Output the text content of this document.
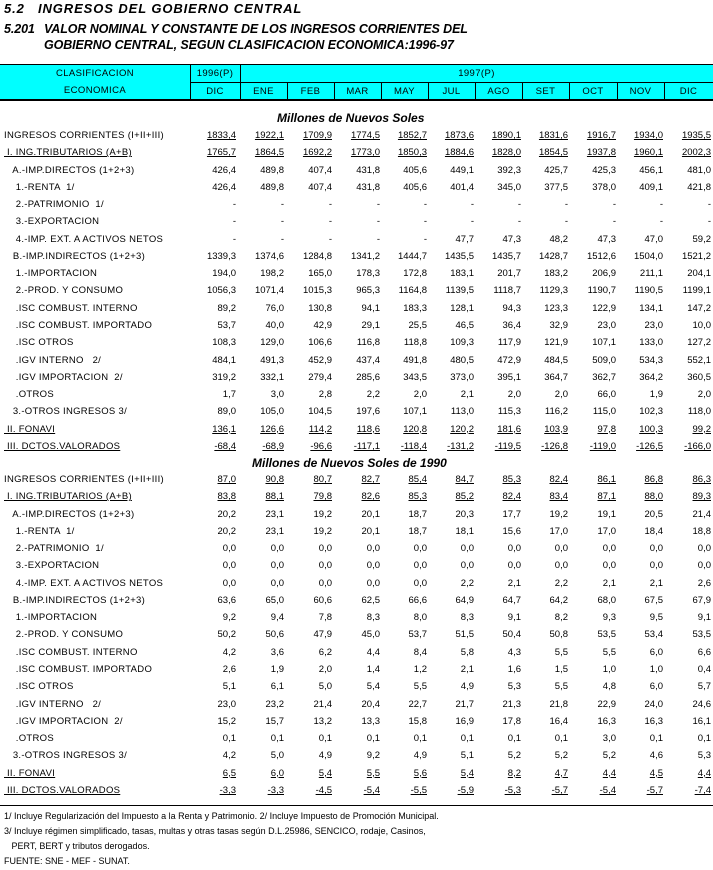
5.2 INGRESOS DEL GOBIERNO CENTRAL
5.201 VALOR NOMINAL Y CONSTANTE DE LOS INGRESOS CORRIENTES DEL
GOBIERNO CENTRAL, SEGUN CLASIFICACION ECONOMICA:1996-97
CLASIFICACION
ECONOMICA
1996(P)	1997(P)
DIC	ENE	FEB	MAR	MAY	JUL	AGO	SET	OCT	NOV	DIC
Millones de Nuevos Soles
INGRESOS CORRIENTES (I+II+III)	1833,4	1922,1	1709,9	1774,5	1852,7	1873,6	1890,1	1831,6	1916,7	1934,0	1935,5
I. ING.TRIBUTARIOS (A+B)	1765,7	1864,5	1692,2	1773,0	1850,3	1884,6	1828,0	1854,5	1937,8	1960,1	2002,3
A.-IMP.DIRECTOS (1+2+3)	426,4	489,8	407,4	431,8	405,6	449,1	392,3	425,7	425,3	456,1	481,0
1.-RENTA  1/	426,4	489,8	407,4	431,8	405,6	401,4	345,0	377,5	378,0	409,1	421,8
2.-PATRIMONIO  1/	-	-	-	-	-	-	-	-	-	-	-
3.-EXPORTACION	-	-	-	-	-	-	-	-	-	-	-
4.-IMP. EXT. A ACTIVOS NETOS	-	-	-	-	-	47,7	47,3	48,2	47,3	47,0	59,2
B.-IMP.INDIRECTOS (1+2+3)	1339,3	1374,6	1284,8	1341,2	1444,7	1435,5	1435,7	1428,7	1512,6	1504,0	1521,2
1.-IMPORTACION	194,0	198,2	165,0	178,3	172,8	183,1	201,7	183,2	206,9	211,1	204,1
2.-PROD. Y CONSUMO	1056,3	1071,4	1015,3	965,3	1164,8	1139,5	1118,7	1129,3	1190,7	1190,5	1199,1
.ISC COMBUST. INTERNO	89,2	76,0	130,8	94,1	183,3	128,1	94,3	123,3	122,9	134,1	147,2
.ISC COMBUST. IMPORTADO	53,7	40,0	42,9	29,1	25,5	46,5	36,4	32,9	23,0	23,0	10,0
.ISC OTROS	108,3	129,0	106,6	116,8	118,8	109,3	117,9	121,9	107,1	133,0	127,2
.IGV INTERNO   2/	484,1	491,3	452,9	437,4	491,8	480,5	472,9	484,5	509,0	534,3	552,1
.IGV IMPORTACION  2/	319,2	332,1	279,4	285,6	343,5	373,0	395,1	364,7	362,7	364,2	360,5
.OTROS	1,7	3,0	2,8	2,2	2,0	2,1	2,0	2,0	66,0	1,9	2,0
3.-OTROS INGRESOS 3/	89,0	105,0	104,5	197,6	107,1	113,0	115,3	116,2	115,0	102,3	118,0
II. FONAVI	136,1	126,6	114,2	118,6	120,8	120,2	181,6	103,9	97,8	100,3	99,2
III. DCTOS.VALORADOS	-68,4	-68,9	-96,6	-117,1	-118,4	-131,2	-119,5	-126,8	-119,0	-126,5	-166,0
Millones de Nuevos Soles de 1990
INGRESOS CORRIENTES (I+II+III)	87,0	90,8	80,7	82,7	85,4	84,7	85,3	82,4	86,1	86,8	86,3
I. ING.TRIBUTARIOS (A+B)	83,8	88,1	79,8	82,6	85,3	85,2	82,4	83,4	87,1	88,0	89,3
A.-IMP.DIRECTOS (1+2+3)	20,2	23,1	19,2	20,1	18,7	20,3	17,7	19,2	19,1	20,5	21,4
1.-RENTA  1/	20,2	23,1	19,2	20,1	18,7	18,1	15,6	17,0	17,0	18,4	18,8
2.-PATRIMONIO  1/	0,0	0,0	0,0	0,0	0,0	0,0	0,0	0,0	0,0	0,0	0,0
3.-EXPORTACION	0,0	0,0	0,0	0,0	0,0	0,0	0,0	0,0	0,0	0,0	0,0
4.-IMP. EXT. A ACTIVOS NETOS	0,0	0,0	0,0	0,0	0,0	2,2	2,1	2,2	2,1	2,1	2,6
B.-IMP.INDIRECTOS (1+2+3)	63,6	65,0	60,6	62,5	66,6	64,9	64,7	64,2	68,0	67,5	67,9
1.-IMPORTACION	9,2	9,4	7,8	8,3	8,0	8,3	9,1	8,2	9,3	9,5	9,1
2.-PROD. Y CONSUMO	50,2	50,6	47,9	45,0	53,7	51,5	50,4	50,8	53,5	53,4	53,5
.ISC COMBUST. INTERNO	4,2	3,6	6,2	4,4	8,4	5,8	4,3	5,5	5,5	6,0	6,6
.ISC COMBUST. IMPORTADO	2,6	1,9	2,0	1,4	1,2	2,1	1,6	1,5	1,0	1,0	0,4
.ISC OTROS	5,1	6,1	5,0	5,4	5,5	4,9	5,3	5,5	4,8	6,0	5,7
.IGV INTERNO   2/	23,0	23,2	21,4	20,4	22,7	21,7	21,3	21,8	22,9	24,0	24,6
.IGV IMPORTACION  2/	15,2	15,7	13,2	13,3	15,8	16,9	17,8	16,4	16,3	16,3	16,1
.OTROS	0,1	0,1	0,1	0,1	0,1	0,1	0,1	0,1	3,0	0,1	0,1
3.-OTROS INGRESOS 3/	4,2	5,0	4,9	9,2	4,9	5,1	5,2	5,2	5,2	4,6	5,3
II. FONAVI	6,5	6,0	5,4	5,5	5,6	5,4	8,2	4,7	4,4	4,5	4,4
III. DCTOS.VALORADOS	-3,3	-3,3	-4,5	-5,4	-5,5	-5,9	-5,3	-5,7	-5,4	-5,7	-7,4
1/ Incluye Regularización del Impuesto a la Renta y Patrimonio. 2/ Incluye Impuesto de Promoción Municipal.
3/ Incluye régimen simplificado, tasas, multas y otras tasas según D.L.25986, SENCICO, rodaje, Casinos,
PERT, BERT y tributos derogados.
FUENTE: SNE - MEF - SUNAT.
